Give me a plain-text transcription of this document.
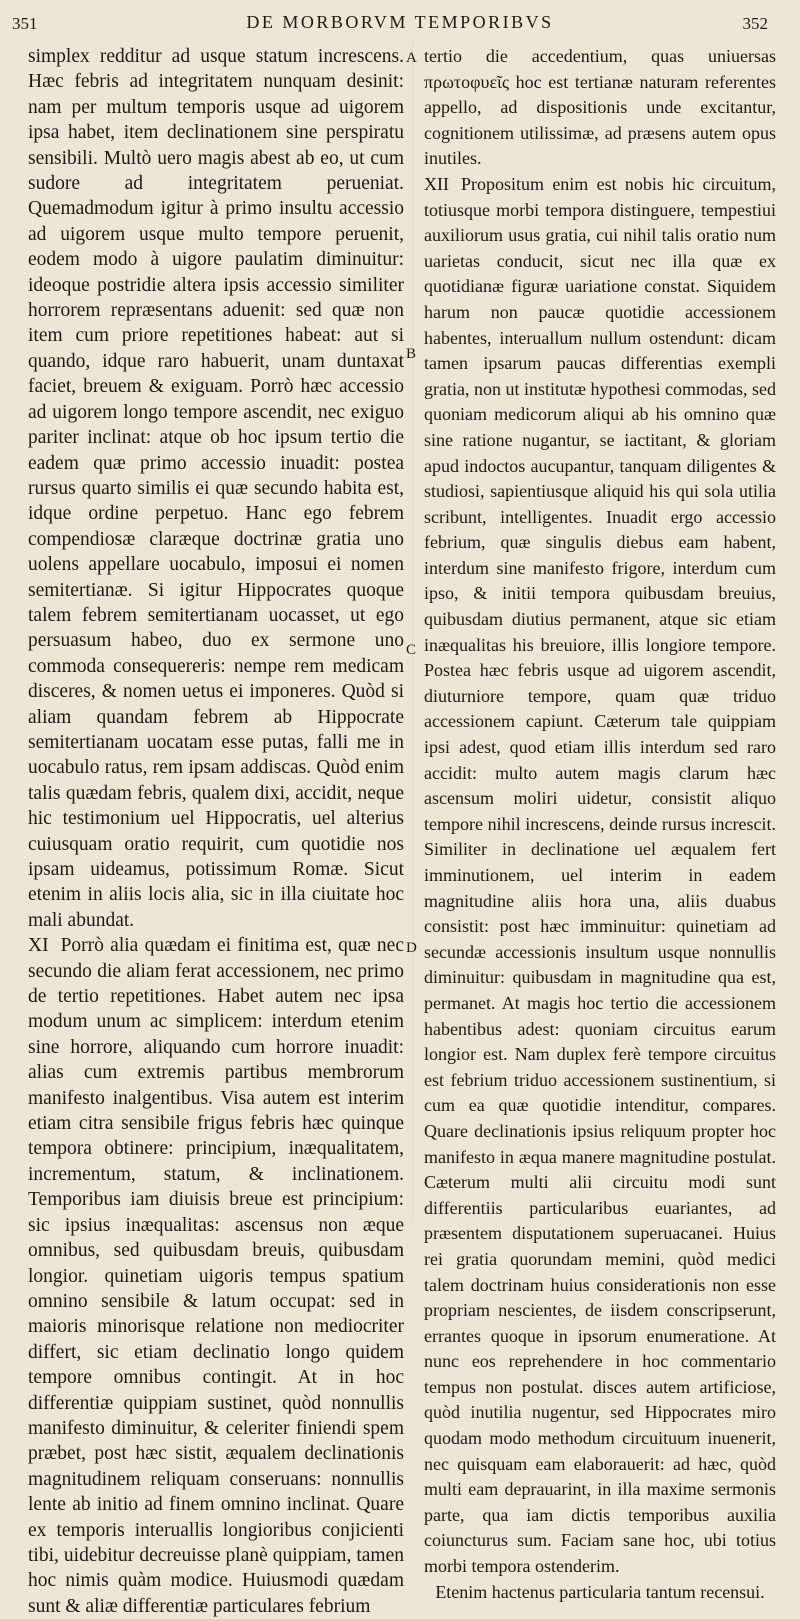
351	DE MORBORVM TEMPORIBVS	352
A
B
C
D

simplex redditur ad usque statum increscens. Hæc febris ad integritatem nunquam desinit: nam per multum temporis usque ad uigorem ipsa habet, item declinationem sine perspiratu sensibili. Multò uero magis abest ab eo, ut cum sudore ad integritatem perueniat. Quemadmodum igitur à primo insultu accessio ad uigorem usque multo tempore peruenit, eodem modo à uigore paulatim diminuitur: ideoque postridie altera ipsis accessio similiter horrorem repræsentans aduenit: sed quæ non item cum priore repetitiones habeat: aut si quando, idque raro habuerit, unam duntaxat faciet, breuem & exiguam. Porrò hæc accessio ad uigorem longo tempore ascendit, nec exiguo pariter inclinat: atque ob hoc ipsum tertio die eadem quæ primo accessio inuadit: postea rursus quarto similis ei quæ secundo habita est, idque ordine perpetuo. Hanc ego febrem compendiosæ claræque doctrinæ gratia uno uolens appellare uocabulo, imposui ei nomen semitertianæ. Si igitur Hippocrates quoque talem febrem semitertianam uocasset, ut ego persuasum habeo, duo ex sermone uno commoda consequereris: nempe rem medicam disceres, & nomen uetus ei imponeres. Quòd si aliam quandam febrem ab Hippocrate semitertianam uocatam esse putas, falli me in uocabulo ratus, rem ipsam addiscas. Quòd enim talis quædam febris, qualem dixi, accidit, neque hic testimonium uel Hippocratis, uel alterius cuiusquam oratio requirit, cum quotidie nos ipsam uideamus, potissimum Romæ. Sicut etenim in aliis locis alia, sic in illa ciuitate hoc mali abundat.

XI Porrò alia quædam ei finitima est, quæ nec secundo die aliam ferat accessionem, nec primo de tertio repetitiones. Habet autem nec ipsa modum unum ac simplicem: interdum etenim sine horrore, aliquando cum horrore inuadit: alias cum extremis partibus membrorum manifesto inalgentibus. Visa autem est interim etiam citra sensibile frigus febris hæc quinque tempora obtinere: principium, inæqualitatem, incrementum, statum, & inclinationem. Temporibus iam diuisis breue est principium: sic ipsius inæqualitas: ascensus non æque omnibus, sed quibusdam breuis, quibusdam longior. quinetiam uigoris tempus spatium omnino sensibile & latum occupat: sed in maioris minorisque relatione non mediocriter differt, sic etiam declinatio longo quidem tempore omnibus contingit. At in hoc differentiæ quippiam sustinet, quòd nonnullis manifesto diminuitur, & celeriter finiendi spem præbet, post hæc sistit, æqualem declinationis magnitudinem reliquam conseruans: nonnullis lente ab initio ad finem omnino inclinat. Quare ex temporis interuallis longioribus conjicienti tibi, uidebitur decreuisse planè quippiam, tamen hoc nimis quàm modice. Huiusmodi quædam sunt & aliæ differentiæ particulares febrium

tertio die accedentium, quas uniuersas πρωτοφυεῖς hoc est tertianæ naturam referentes appello, ad dispositionis unde excitantur, cognitionem utilissimæ, ad præsens autem opus inutiles.

XII Propositum enim est nobis hic circuitum, totiusque morbi tempora distinguere, tempestiui auxiliorum usus gratia, cui nihil talis oratio num uarietas conducit, sicut nec illa quæ ex quotidianæ figuræ uariatione constat. Siquidem harum non paucæ quotidie accessionem habentes, interuallum nullum ostendunt: dicam tamen ipsarum paucas differentias exempli gratia, non ut institutæ hypothesi commodas, sed quoniam medicorum aliqui ab his omnino quæ sine ratione nugantur, se iactitant, & gloriam apud indoctos aucupantur, tanquam diligentes & studiosi, sapientiusque aliquid his qui sola utilia scribunt, intelligentes. Inuadit ergo accessio febrium, quæ singulis diebus eam habent, interdum sine manifesto frigore, interdum cum ipso, & initii tempora quibusdam breuius, quibusdam diutius permanent, atque sic etiam inæqualitas his breuiore, illis longiore tempore. Postea hæc febris usque ad uigorem ascendit, diuturniore tempore, quam quæ triduo accessionem capiunt. Cæterum tale quippiam ipsi adest, quod etiam illis interdum sed raro accidit: multo autem magis clarum hæc ascensum moliri uidetur, consistit aliquo tempore nihil increscens, deinde rursus increscit. Similiter in declinatione uel æqualem fert imminutionem, uel interim in eadem magnitudine aliis hora una, aliis duabus consistit: post hæc imminuitur: quinetiam ad secundæ accessionis insultum usque nonnullis diminuitur: quibusdam in magnitudine qua est, permanet. At magis hoc tertio die accessionem habentibus adest: quoniam circuitus earum longior est. Nam duplex ferè tempore circuitus est febrium triduo accessionem sustinentium, si cum ea quæ quotidie intenditur, compares. Quare declinationis ipsius reliquum propter hoc manifesto in æqua manere magnitudine postulat. Cæterum multi alii circuitu modi sunt differentiis particularibus euariantes, ad præsentem disputationem superuacanei. Huius rei gratia quorundam memini, quòd medici talem doctrinam huius considerationis non esse propriam nescientes, de iisdem conscripserunt, errantes quoque in ipsorum enumeratione. At nunc eos reprehendere in hoc commentario tempus non postulat. disces autem artificiose, quòd inutilia nugentur, sed Hippocrates miro quodam modo methodum circuituum inuenerit, nec quisquam eam elaborauerit: ad hæc, quòd multi eam deprauarint, in illa maxime sermonis parte, qua iam dictis temporibus auxilia coiuncturus sum. Faciam sane hoc, ubi totius morbi tempora ostenderim.

Etenim hactenus particularia tantum recensui.
